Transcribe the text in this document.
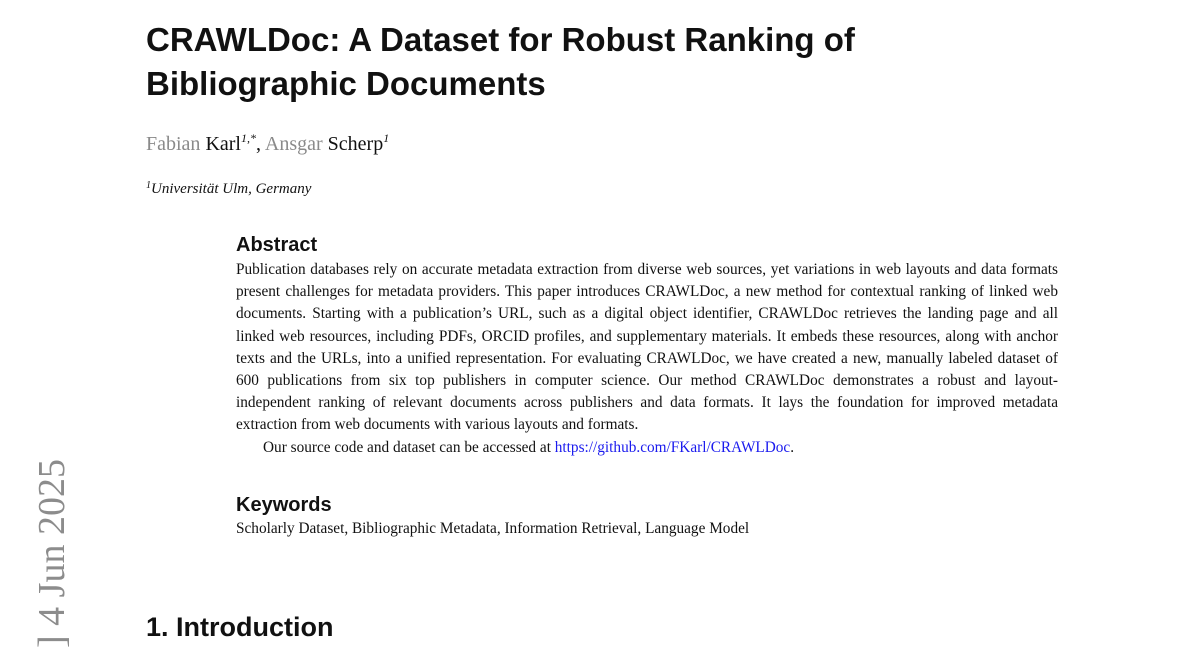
CRAWLDoc: A Dataset for Robust Ranking of Bibliographic Documents
Fabian Karl$^{1,*}$, Ansgar Scherp$^1$
$^1$Universität Ulm, Germany
Abstract

Publication databases rely on accurate metadata extraction from diverse web sources, yet variations in web layouts and data formats present challenges for metadata providers. This paper introduces CRAWLDoc, a new method for contextual ranking of linked web documents. Starting with a publication’s URL, such as a digital object identifier, CRAWLDoc retrieves the landing page and all linked web resources, including PDFs, ORCID profiles, and supplementary materials. It embeds these resources, along with anchor texts and the URLs, into a unified representation. For evaluating CRAWLDoc, we have created a new, manually labeled dataset of 600 publications from six top publishers in computer science. Our method CRAWLDoc demonstrates a robust and layout-independent ranking of relevant documents across publishers and data formats. It lays the foundation for improved metadata extraction from web documents with various layouts and formats.

Our source code and dataset can be accessed at https://github.com/FKarl/CRAWLDoc.

Keywords
Scholarly Dataset, Bibliographic Metadata, Information Retrieval, Language Model
1. Introduction
] 4 Jun 2025
